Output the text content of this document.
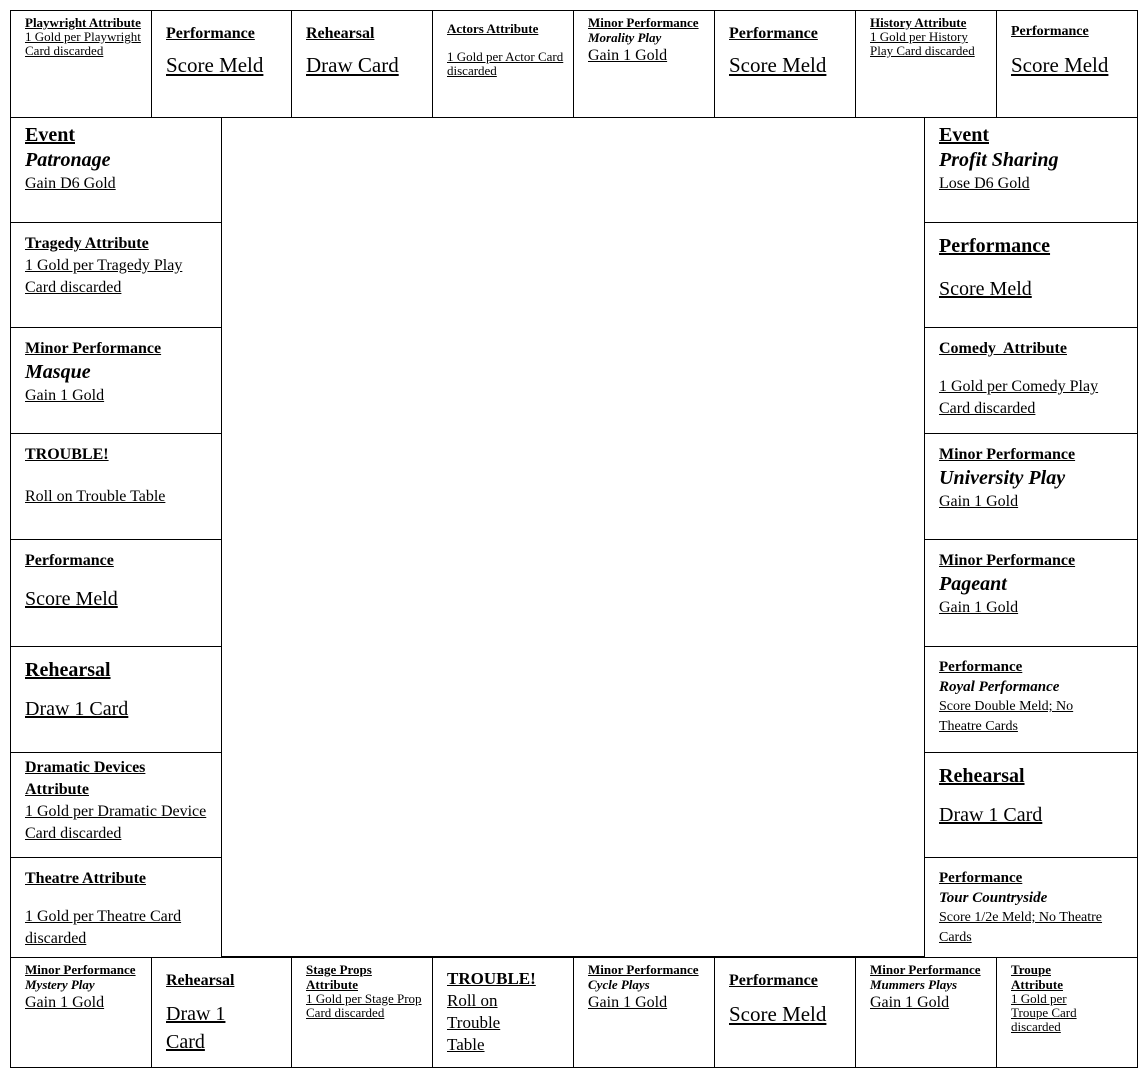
Playwright Attribute
1 Gold per Playwright Card discarded
Performance
Score Meld
Rehearsal
Draw Card
Actors Attribute
1 Gold per Actor Card discarded
Minor Performance
Morality Play
Gain 1 Gold
Performance
Score Meld
History Attribute
1 Gold per History Play Card discarded
Performance
Score Meld
Event
Patronage
Gain D6 Gold
Tragedy Attribute
1 Gold per Tragedy Play Card discarded
Minor Performance
Masque
Gain 1 Gold
TROUBLE!
Roll on Trouble Table
Performance
Score Meld
Rehearsal
Draw 1 Card
Dramatic Devices Attribute
1 Gold per Dramatic Device Card discarded
Theatre Attribute
1 Gold per Theatre Card discarded
Event
Profit Sharing
Lose D6 Gold
Performance
Score Meld
Comedy  Attribute
1 Gold per Comedy Play Card discarded
Minor Performance
University Play
Gain 1 Gold
Minor Performance
Pageant
Gain 1 Gold
Performance
Royal Performance
Score Double Meld; No Theatre Cards
Rehearsal
Draw 1 Card
Performance
Tour Countryside
Score 1/2e Meld; No Theatre Cards
Minor Performance
Mystery Play
Gain 1 Gold
Rehearsal
Draw 1 Card
Stage Props Attribute
1 Gold per Stage Prop Card discarded
TROUBLE!
Roll on Trouble Table
Minor Performance
Cycle Plays
Gain 1 Gold
Performance
Score Meld
Minor Performance
Mummers Plays
Gain 1 Gold
Troupe Attribute
1 Gold per Troupe Card discarded
